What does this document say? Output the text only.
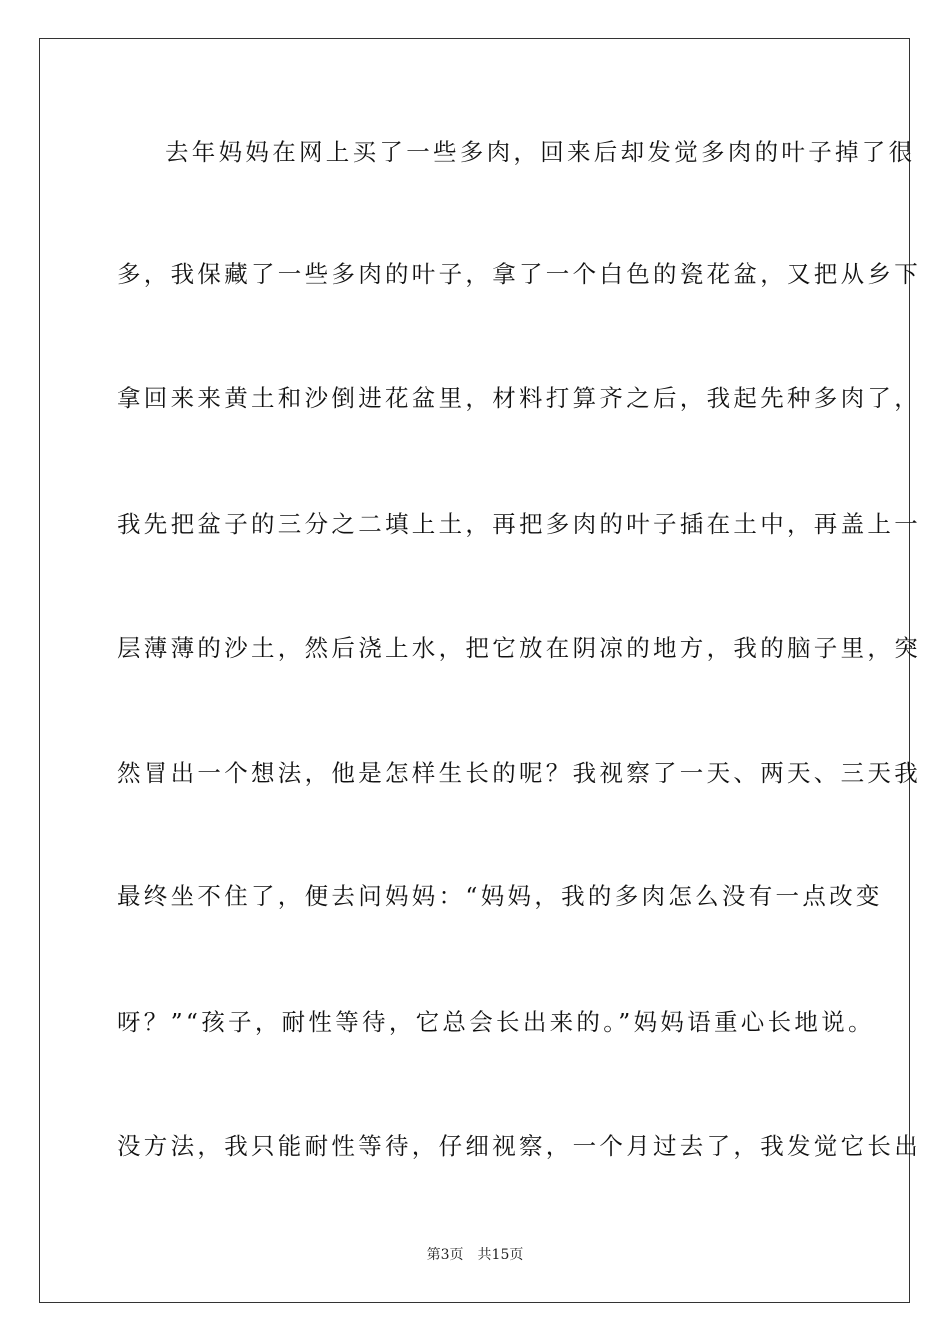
去年妈妈在网上买了一些多肉，回来后却发觉多肉的叶子掉了很
多，我保藏了一些多肉的叶子，拿了一个白色的瓷花盆，又把从乡下
拿回来来黄土和沙倒进花盆里，材料打算齐之后，我起先种多肉了，
我先把盆子的三分之二填上土，再把多肉的叶子插在土中，再盖上一
层薄薄的沙土，然后浇上水，把它放在阴凉的地方，我的脑子里，突
然冒出一个想法，他是怎样生长的呢？我视察了一天、两天、三天我
最终坐不住了，便去问妈妈：“妈妈，我的多肉怎么没有一点改变
呀？”“孩子，耐性等待，它总会长出来的。”妈妈语重心长地说。
没方法，我只能耐性等待，仔细视察，一个月过去了，我发觉它长出
第3页 共15页
